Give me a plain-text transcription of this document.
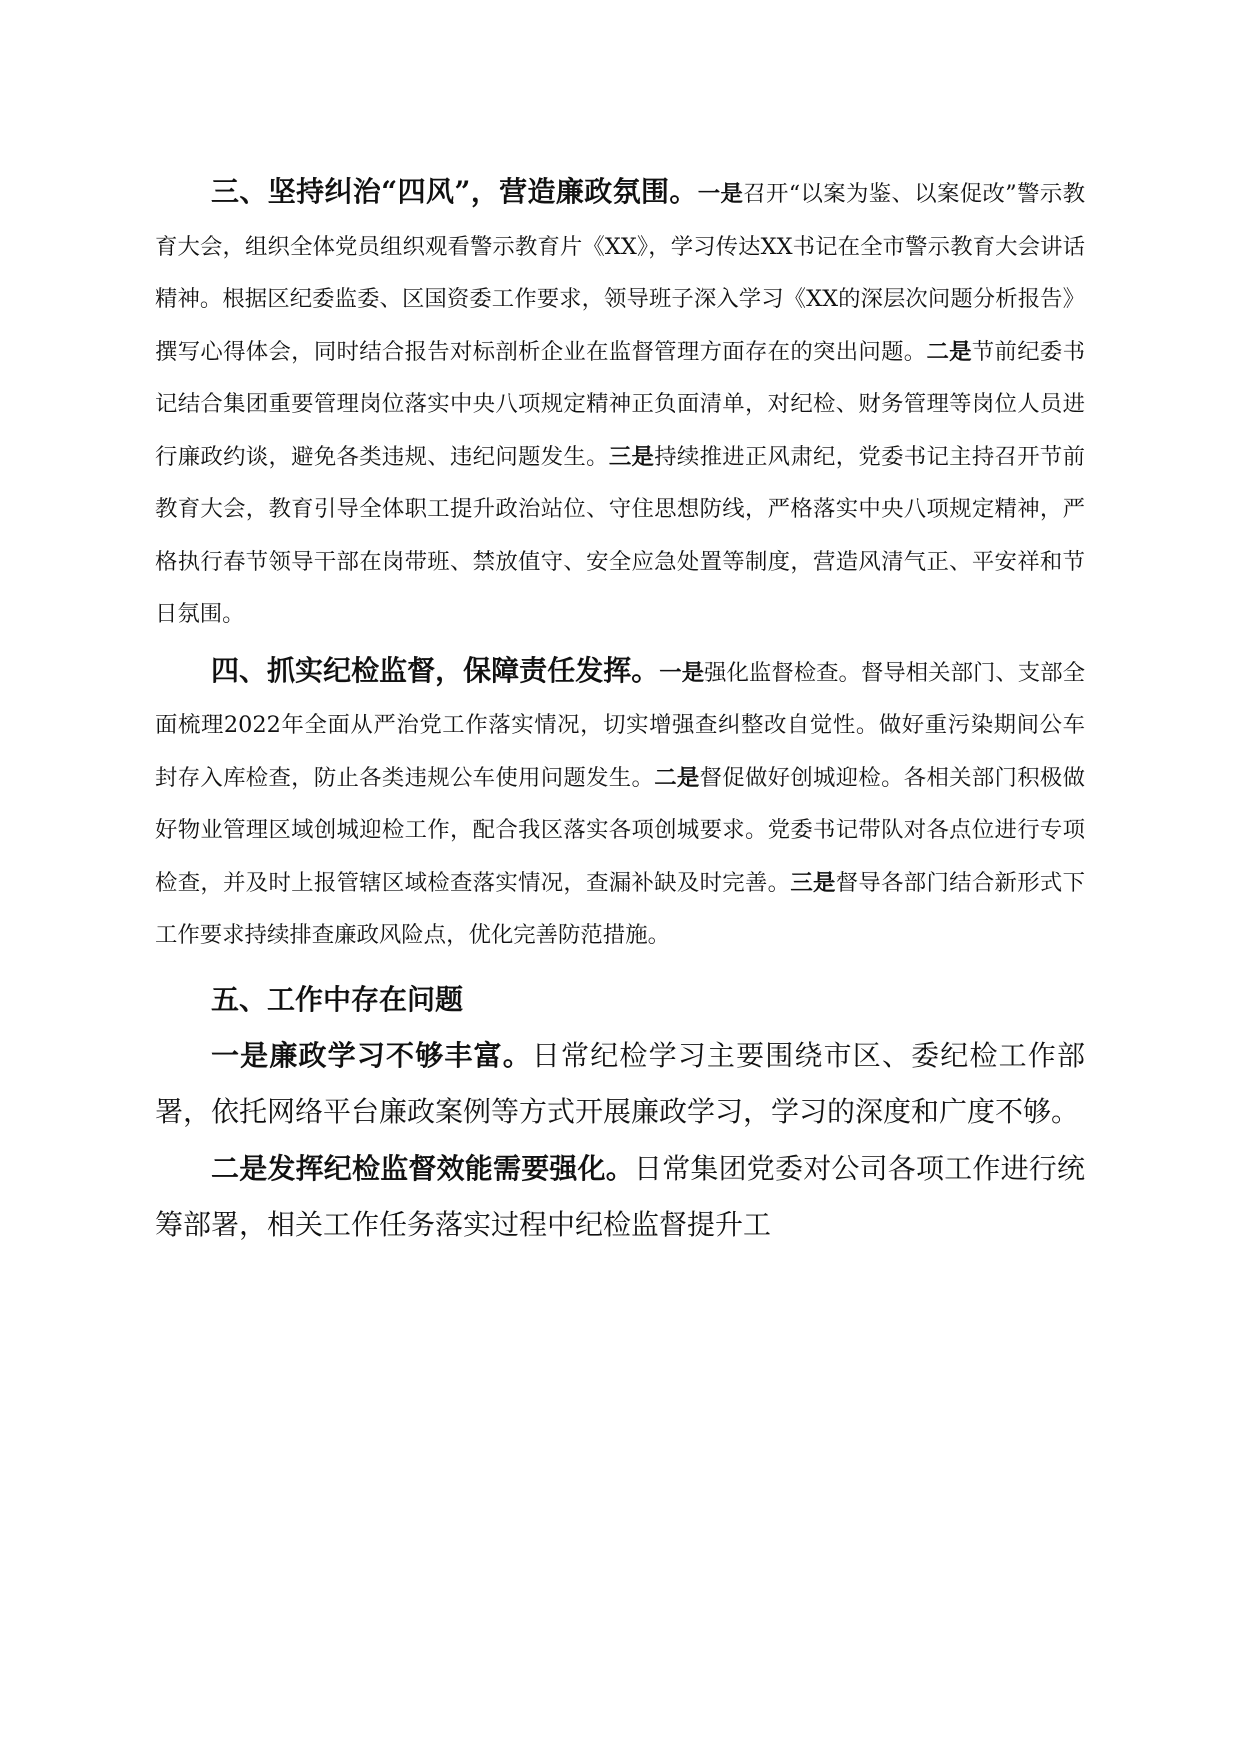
三、坚持纠治“四风”，营造廉政氛围。一是召开“以案为鉴、以案促改”警示教育大会，组织全体党员组织观看警示教育片《XX》，学习传达XX书记在全市警示教育大会讲话精神。根据区纪委监委、区国资委工作要求，领导班子深入学习《XX的深层次问题分析报告》撰写心得体会，同时结合报告对标剖析企业在监督管理方面存在的突出问题。二是节前纪委书记结合集团重要管理岗位落实中央八项规定精神正负面清单，对纪检、财务管理等岗位人员进行廉政约谈，避免各类违规、违纪问题发生。三是持续推进正风肃纪，党委书记主持召开节前教育大会，教育引导全体职工提升政治站位、守住思想防线，严格落实中央八项规定精神，严格执行春节领导干部在岗带班、禁放值守、安全应急处置等制度，营造风清气正、平安祥和节日氛围。

四、抓实纪检监督，保障责任发挥。一是强化监督检查。督导相关部门、支部全面梳理2022年全面从严治党工作落实情况，切实增强查纠整改自觉性。做好重污染期间公车封存入库检查，防止各类违规公车使用问题发生。二是督促做好创城迎检。各相关部门积极做好物业管理区域创城迎检工作，配合我区落实各项创城要求。党委书记带队对各点位进行专项检查，并及时上报管辖区域检查落实情况，查漏补缺及时完善。三是督导各部门结合新形式下工作要求持续排查廉政风险点，优化完善防范措施。

五、工作中存在问题

一是廉政学习不够丰富。日常纪检学习主要围绕市区、委纪检工作部署，依托网络平台廉政案例等方式开展廉政学习，学习的深度和广度不够。

二是发挥纪检监督效能需要强化。日常集团党委对公司各项工作进行统筹部署，相关工作任务落实过程中纪检监督提升工
